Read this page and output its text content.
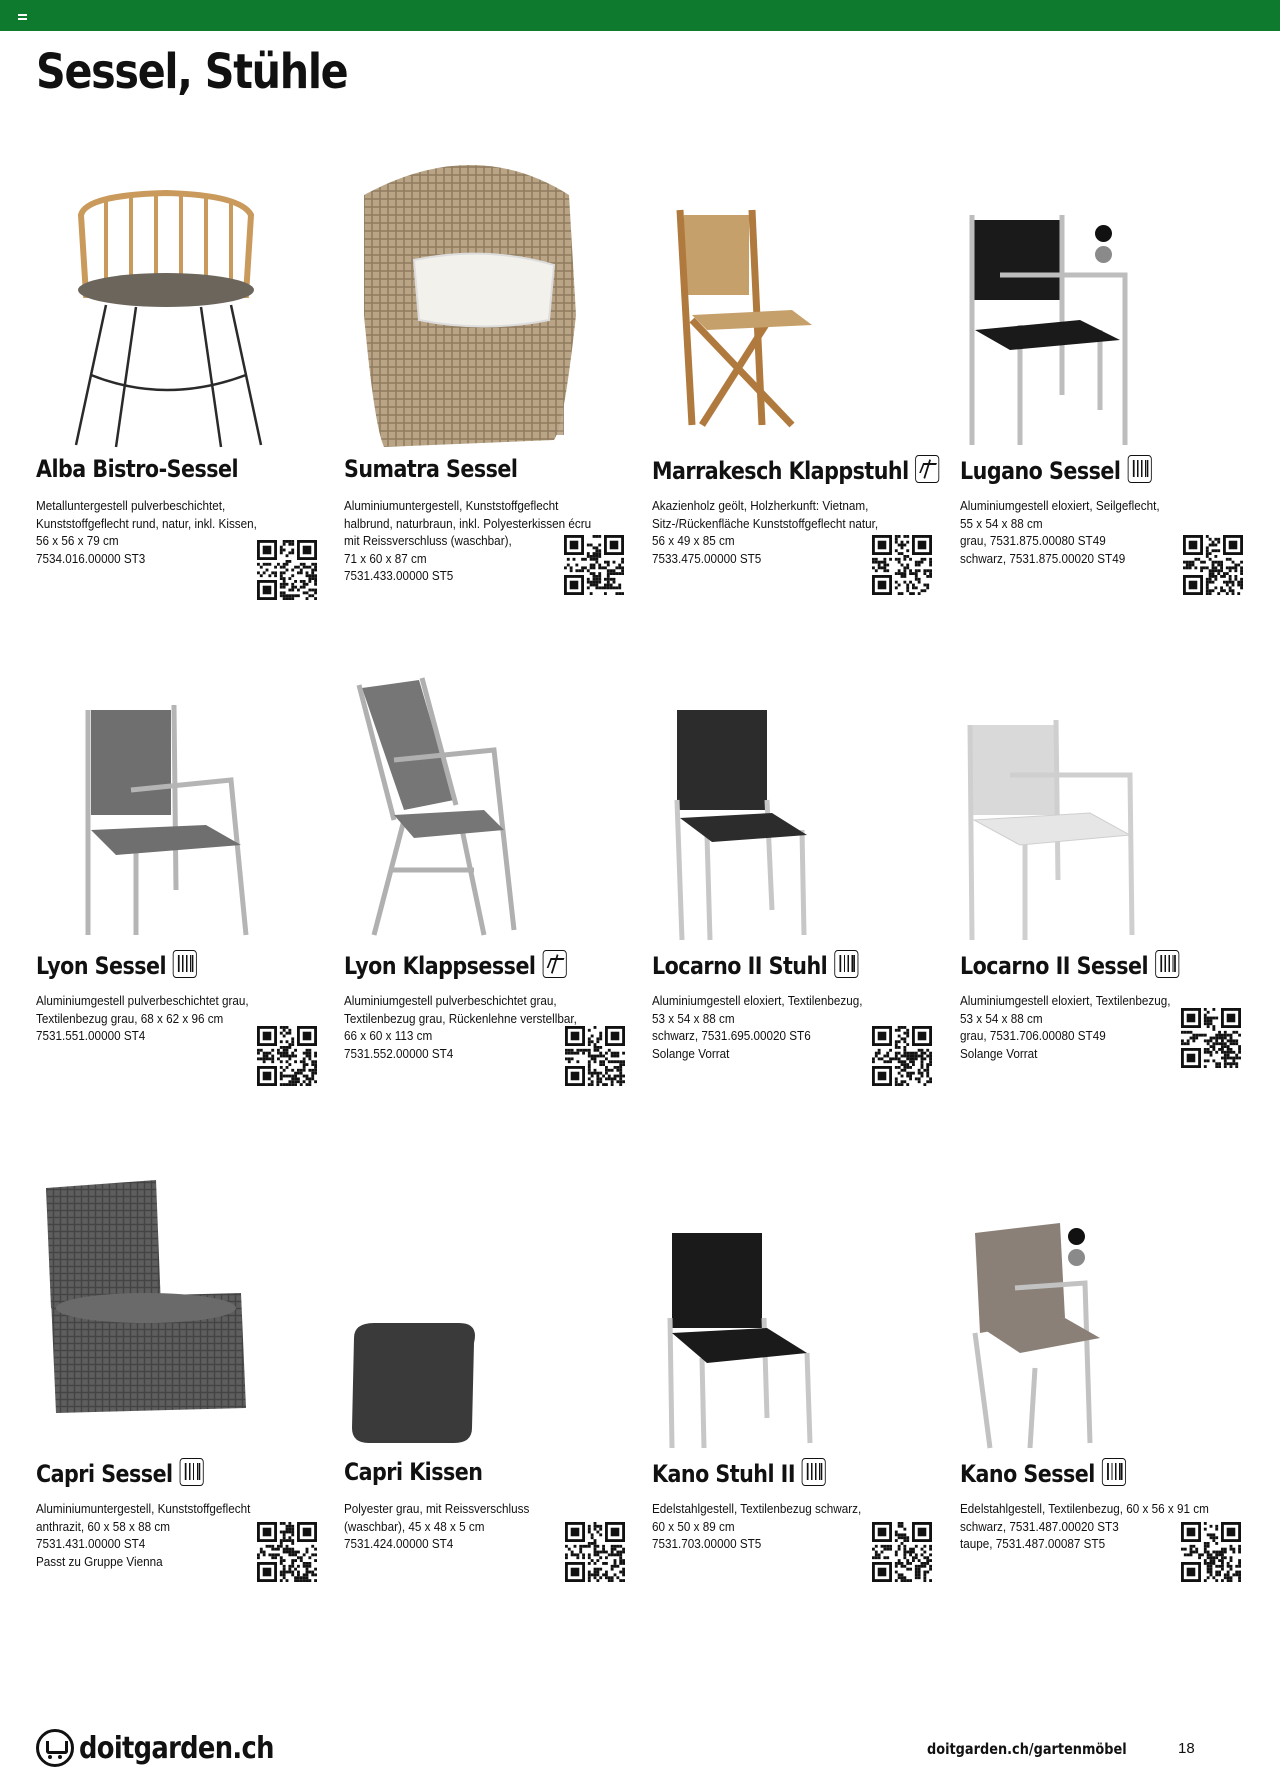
Sessel, Stühle
Alba Bistro-Sessel
Metalluntergestell pulverbeschichtet,
Kunststoffgeflecht rund, natur, inkl. Kissen,
56 x 56 x 79 cm
7534.016.00000 ST3
Sumatra Sessel
Aluminiumuntergestell, Kunststoffgeflecht
halbrund, naturbraun, inkl. Polyesterkissen écru
mit Reissverschluss (waschbar),
71 x 60 x 87 cm
7531.433.00000 ST5
Marrakesch Klappstuhl
Akazienholz geölt, Holzherkunft: Vietnam,
Sitz-/Rückenfläche Kunststoffgeflecht natur,
56 x 49 x 85 cm
7533.475.00000 ST5
Lugano Sessel
Aluminiumgestell eloxiert, Seilgeflecht,
55 x 54 x 88 cm
grau, 7531.875.00080 ST49
schwarz, 7531.875.00020 ST49
Lyon Sessel
Aluminiumgestell pulverbeschichtet grau,
Textilenbezug grau, 68 x 62 x 96 cm
7531.551.00000 ST4
Lyon Klappsessel
Aluminiumgestell pulverbeschichtet grau,
Textilenbezug grau, Rückenlehne verstellbar,
66 x 60 x 113 cm
7531.552.00000 ST4
Locarno II Stuhl
Aluminiumgestell eloxiert, Textilenbezug,
53 x 54 x 88 cm
schwarz, 7531.695.00020 ST6
Solange Vorrat
Locarno II Sessel
Aluminiumgestell eloxiert, Textilenbezug,
53 x 54 x 88 cm
grau, 7531.706.00080 ST49
Solange Vorrat
Capri Sessel
Aluminiumuntergestell, Kunststoffgeflecht
anthrazit, 60 x 58 x 88 cm
7531.431.00000 ST4
Passt zu Gruppe Vienna
Capri Kissen
Polyester grau, mit Reissverschluss
(waschbar), 45 x 48 x 5 cm
7531.424.00000 ST4
Kano Stuhl II
Edelstahlgestell, Textilenbezug schwarz,
60 x 50 x 89 cm
7531.703.00000 ST5
Kano Sessel
Edelstahlgestell, Textilenbezug, 60 x 56 x 91 cm
schwarz, 7531.487.00020 ST3
taupe, 7531.487.00087 ST5
doitgarden.ch	doitgarden.ch/gartenmöbel	18
